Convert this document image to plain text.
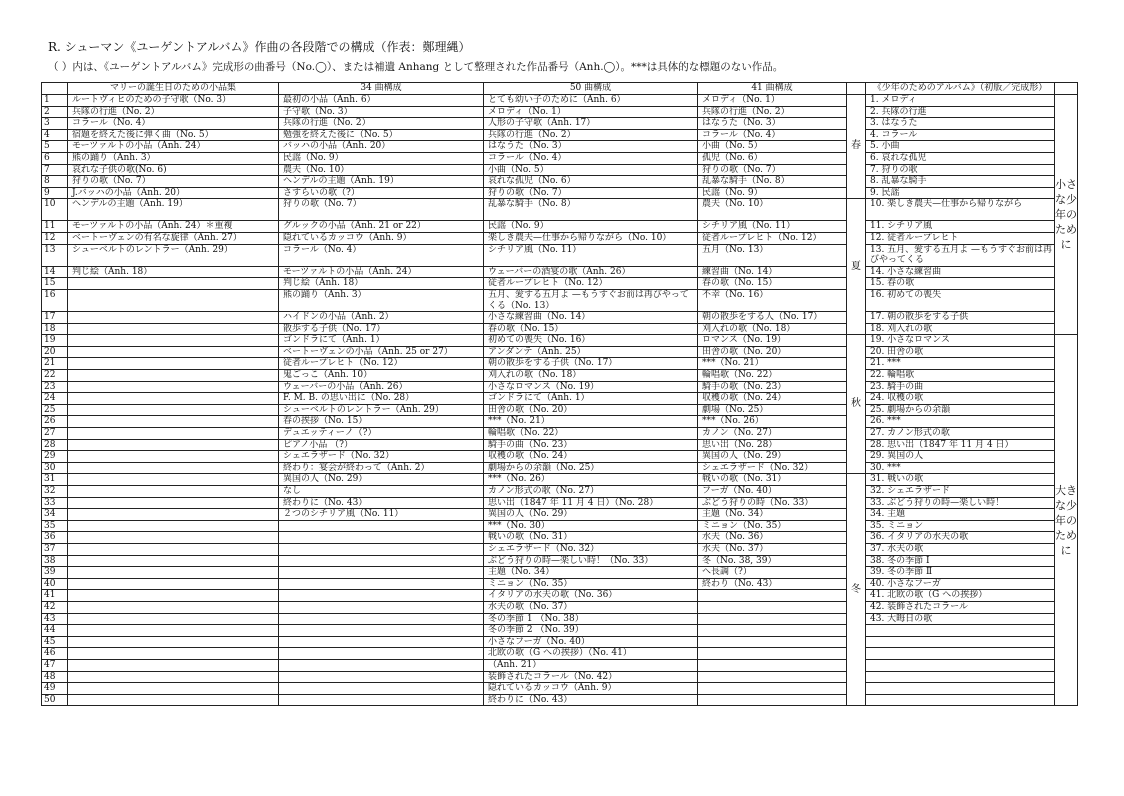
R. シューマン《ユーゲントアルバム》作曲の各段階での構成（作表：鄭理縄）
（ ）内は、《ユーゲントアルバム》完成形の曲番号（No.◯）、または補遺 Anhang として整理された作品番号（Anh.◯）。***は具体的な標題のない作品。
	マリーの誕生日のための小品集	34 曲構成	50 曲構成	41 曲構成		《少年のためのアルバム》（初版／完成形）	
1	ルートヴィヒのための子守歌（No. 3）	最初の小品（Anh. 6）	とても幼い子のために（Anh. 6）	メロディ（No. 1）	春	1. メロディ	小さな少年のために
2	兵隊の行進（No. 2）	子守歌（No. 3）	メロディ（No. 1）	兵隊の行進（No. 2）		2. 兵隊の行進	
3	コラール（No. 4）	兵隊の行進（No. 2）	人形の子守歌（Anh. 17）	はなうた（No. 3）		3. はなうた	
4	宿題を終えた後に弾く曲（No. 5）	勉強を終えた後に（No. 5）	兵隊の行進（No. 2）	コラール（No. 4）		4. コラール	
5	モーツァルトの小品（Anh. 24）	バッハの小品（Anh. 20）	はなうた（No. 3）	小曲（No. 5）		5. 小曲	
6	熊の踊り（Anh. 3）	民謡（No. 9）	コラール（No. 4）	孤児（No. 6）		6. 哀れな孤児	
7	哀れな子供の歌(No. 6)	農夫（No. 10）	小曲（No. 5）	狩りの歌（No. 7）		7. 狩りの歌	
8	狩りの歌（No. 7）	ヘンデルの主題（Anh. 19）	哀れな孤児（No. 6）	乱暴な騎手（No. 8）		8. 乱暴な騎手	
9	J.バッハの小品（Anh. 20）	さすらいの歌（?）	狩りの歌（No. 7）	民謡（No. 9）		9. 民謡	
10	ヘンデルの主題（Anh. 19）	狩りの歌（No. 7）	乱暴な騎手（No. 8）	農夫（No. 10）	夏	10. 楽しき農夫—仕事から帰りながら	
11	モーツァルトの小品（Anh. 24）＊重複	グルックの小品（Anh. 21 or 22）	民謡（No. 9）	シチリア風（No. 11）		11. シチリア風	
12	ベートーヴェンの有名な旋律（Anh. 27）	隠れているカッコウ（Anh. 9）	楽しき農夫—仕事から帰りながら（No. 10）	従者ループレヒト（No. 12）		12. 従者ループレヒト	
13	シューベルトのレントラー（Anh. 29）	コラール（No. 4）	シチリア風（No. 11）	五月（No. 13）		13. 五月、愛する五月よ —もうすぐお前は再びやってくる	
14	判じ絵（Anh. 18）	モーツァルトの小品（Anh. 24）	ウェーバーの酒宴の歌（Anh. 26）	練習曲（No. 14）		14. 小さな練習曲	
15		判じ絵（Anh. 18）	従者ループレヒト（No. 12）	春の歌（No. 15）		15. 春の歌	
16		熊の踊り（Anh. 3）	五月、愛する五月よ —もうすぐお前は再びやってくる（No. 13）	不幸（No. 16）		16. 初めての喪失	
17		ハイドンの小品（Anh. 2）	小さな練習曲（No. 14）	朝の散歩をする人（No. 17）		17. 朝の散歩をする子供	
18		散歩する子供（No. 17）	春の歌（No. 15）	刈入れの歌（No. 18）		18. 刈入れの歌	
19		ゴンドラにて（Anh. 1）	初めての喪失（No. 16）	ロマンス（No. 19）	秋	19. 小さなロマンス	大きな少年のために
20		ベートーヴェンの小品（Anh. 25 or 27）	アンダンテ（Anh. 25）	田舎の歌（No. 20）		20. 田舎の歌	
21		従者ループレヒト（No. 12）	朝の散歩をする子供（No. 17）	***（No. 21）		21. ***	
22		鬼ごっこ（Anh. 10）	刈入れの歌（No. 18）	輪唱歌（No. 22）		22. 輪唱歌	
23		ウェーバーの小品（Anh. 26）	小さなロマンス（No. 19）	騎手の歌（No. 23）		23. 騎手の曲	
24		F. M. B. の思い出に（No. 28）	ゴンドラにて（Anh. 1）	収穫の歌（No. 24）		24. 収穫の歌	
25		シューベルトのレントラー（Anh. 29）	田舎の歌（No. 20）	劇場（No. 25）		25. 劇場からの余韻	
26		春の挨拶（No. 15）	***（No. 21）	***（No. 26）		26. ***	
27		デュエッティーノ（?）	輪唱歌（No. 22）	カノン（No. 27）		27. カノン形式の歌	
28		ピアノ小品 （?）	騎手の曲（No. 23）	思い出（No. 28）		28. 思い出（1847 年 11 月 4 日）	
29		シェエラザード（No. 32）	収穫の歌（No. 24）	異国の人（No. 29）		29. 異国の人	
30		終わり：宴会が終わって（Anh. 2）	劇場からの余韻（No. 25）	シェエラザード（No. 32）		30. ***	
31		異国の人（No. 29）	***（No. 26）	戦いの歌（No. 31）	冬	31. 戦いの歌	
32		なし	カノン形式の歌（No. 27）	フーガ（No. 40）		32. シェエラザード	
33		終わりに（No. 43）	思い出（1847 年 11 月 4 日）（No. 28）	ぶどう狩りの時（No. 33）		33. ぶどう狩りの時—楽しい時！	
34		２つのシチリア風（No. 11）	異国の人（No. 29）	主題（No. 34）		34. 主題	
35			***（No. 30）	ミニョン（No. 35）		35. ミニョン	
36			戦いの歌（No. 31）	水夫（No. 36）		36. イタリアの水夫の歌	
37			シェエラザード（No. 32）	水夫（No. 37）		37. 水夫の歌	
38			ぶどう狩りの時—楽しい時！（No. 33）	冬（No. 38, 39）		38. 冬の季節 Ⅰ	
39			主題（No. 34）	へ長調（?）		39. 冬の季節 Ⅱ	
40			ミニョン（No. 35）	終わり（No. 43）		40. 小さなフーガ	
41			イタリアの水夫の歌（No. 36）			41. 北欧の歌（G への挨拶）	
42			水夫の歌（No. 37）			42. 装飾されたコラール	
43			冬の季節 1 （No. 38）			43. 大晦日の歌	
44			冬の季節 2 （No. 39）				
45			小さなフーガ（No. 40）				
46			北欧の歌（G への挨拶）（No. 41）				
47			（Anh. 21）				
48			装飾されたコラール（No. 42）				
49			隠れているカッコウ（Anh. 9）				
50			終わりに（No. 43）				
